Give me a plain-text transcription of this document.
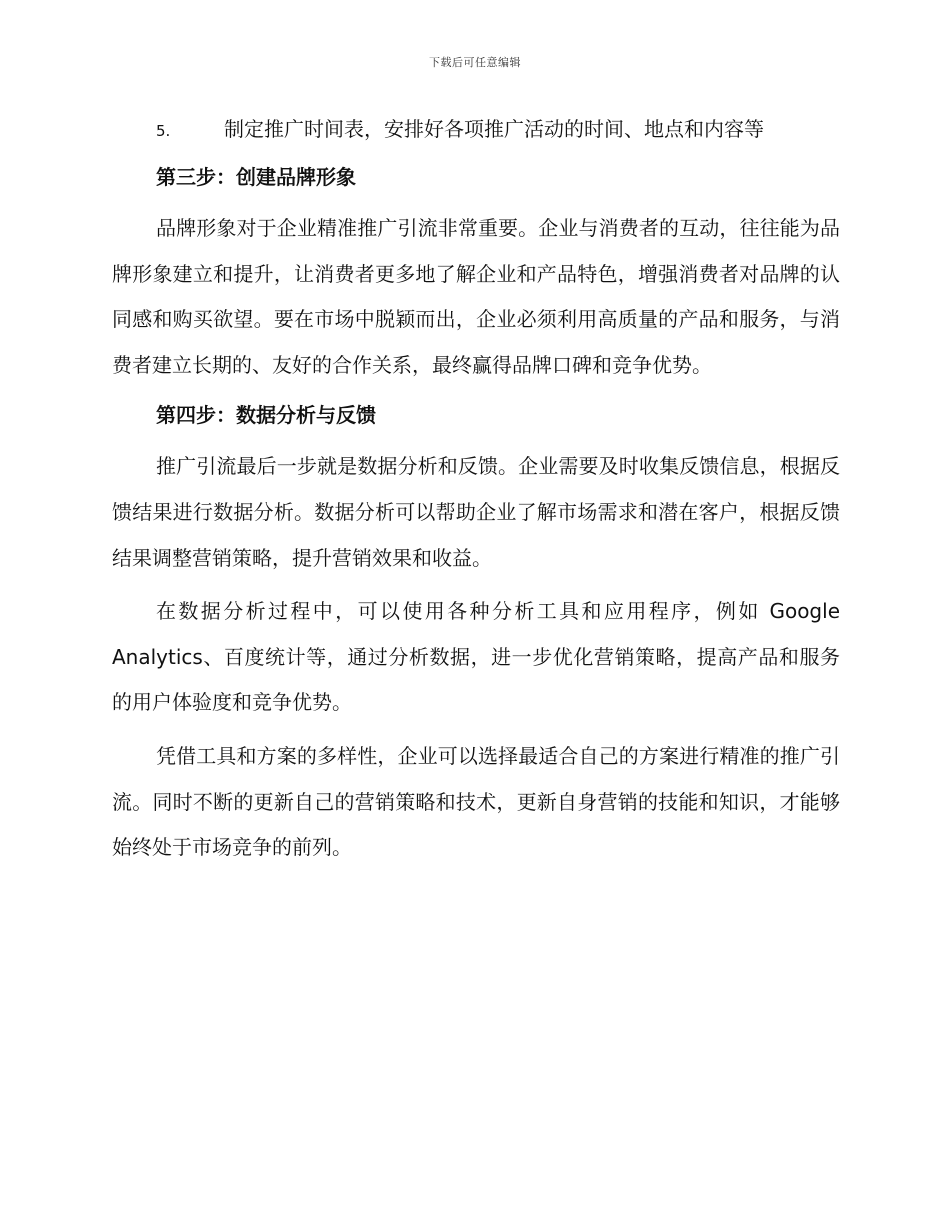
下载后可任意编辑
5.	制定推广时间表，安排好各项推广活动的时间、地点和内容等
第三步：创建品牌形象

品牌形象对于企业精准推广引流非常重要。企业与消费者的互动，往往能为品牌形象建立和提升，让消费者更多地了解企业和产品特色，增强消费者对品牌的认同感和购买欲望。要在市场中脱颖而出，企业必须利用高质量的产品和服务，与消费者建立长期的、友好的合作关系，最终赢得品牌口碑和竞争优势。

第四步：数据分析与反馈

推广引流最后一步就是数据分析和反馈。企业需要及时收集反馈信息，根据反馈结果进行数据分析。数据分析可以帮助企业了解市场需求和潜在客户，根据反馈结果调整营销策略，提升营销效果和收益。

在数据分析过程中，可以使用各种分析工具和应用程序，例如 Google Analytics、百度统计等，通过分析数据，进一步优化营销策略，提高产品和服务的用户体验度和竞争优势。

凭借工具和方案的多样性，企业可以选择最适合自己的方案进行精准的推广引流。同时不断的更新自己的营销策略和技术，更新自身营销的技能和知识，才能够始终处于市场竞争的前列。
